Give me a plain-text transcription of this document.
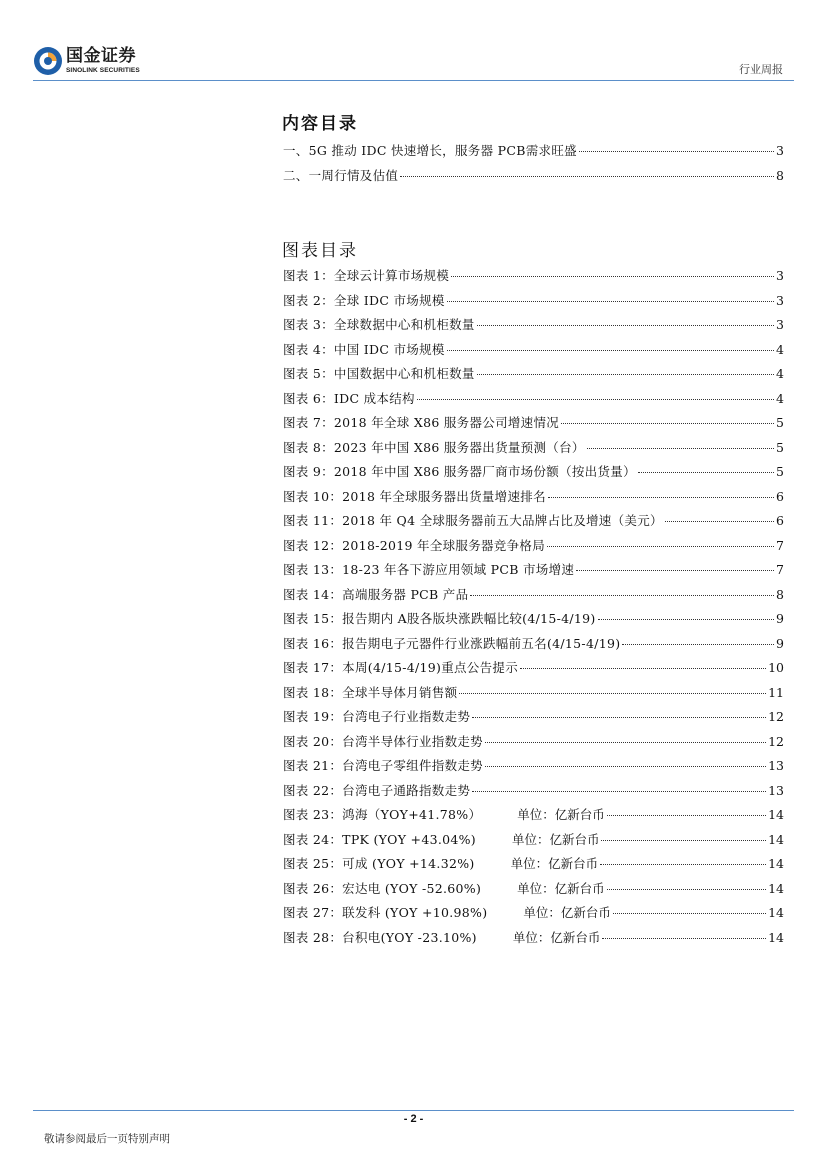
国金证券
SINOLINK SECURITIES	行业周报
内容目录
一、5G 推动 IDC 快速增长，服务器 PCB需求旺盛	3
二、一周行情及估值	8
图表目录
图表 1：全球云计算市场规模	3
图表 2：全球 IDC 市场规模	3
图表 3：全球数据中心和机柜数量	3
图表 4：中国 IDC 市场规模	4
图表 5：中国数据中心和机柜数量	4
图表 6：IDC 成本结构	4
图表 7：2018 年全球 X86 服务器公司增速情况	5
图表 8：2023 年中国 X86 服务器出货量预测（台）	5
图表 9：2018 年中国 X86 服务器厂商市场份额（按出货量）	5
图表 10：2018 年全球服务器出货量增速排名	6
图表 11：2018 年 Q4 全球服务器前五大品牌占比及增速（美元）	6
图表 12：2018-2019 年全球服务器竞争格局	7
图表 13：18-23 年各下游应用领域 PCB 市场增速	7
图表 14：高端服务器 PCB 产品	8
图表 15：报告期内 A股各版块涨跌幅比较(4/15-4/19)	9
图表 16：报告期电子元器件行业涨跌幅前五名(4/15-4/19)	9
图表 17：本周(4/15-4/19)重点公告提示	10
图表 18：全球半导体月销售额	11
图表 19：台湾电子行业指数走势	12
图表 20：台湾半导体行业指数走势	12
图表 21：台湾电子零组件指数走势	13
图表 22：台湾电子通路指数走势	13
图表 23：鸿海（YOY+41.78%）	单位：亿新台币	14
图表 24：TPK (YOY +43.04%)	单位：亿新台币	14
图表 25：可成 (YOY +14.32%)	单位：亿新台币	14
图表 26：宏达电 (YOY -52.60%)	单位：亿新台币	14
图表 27：联发科 (YOY +10.98%)	单位：亿新台币	14
图表 28：台积电(YOY -23.10%)	单位：亿新台币	14
- 2 -
敬请参阅最后一页特别声明
